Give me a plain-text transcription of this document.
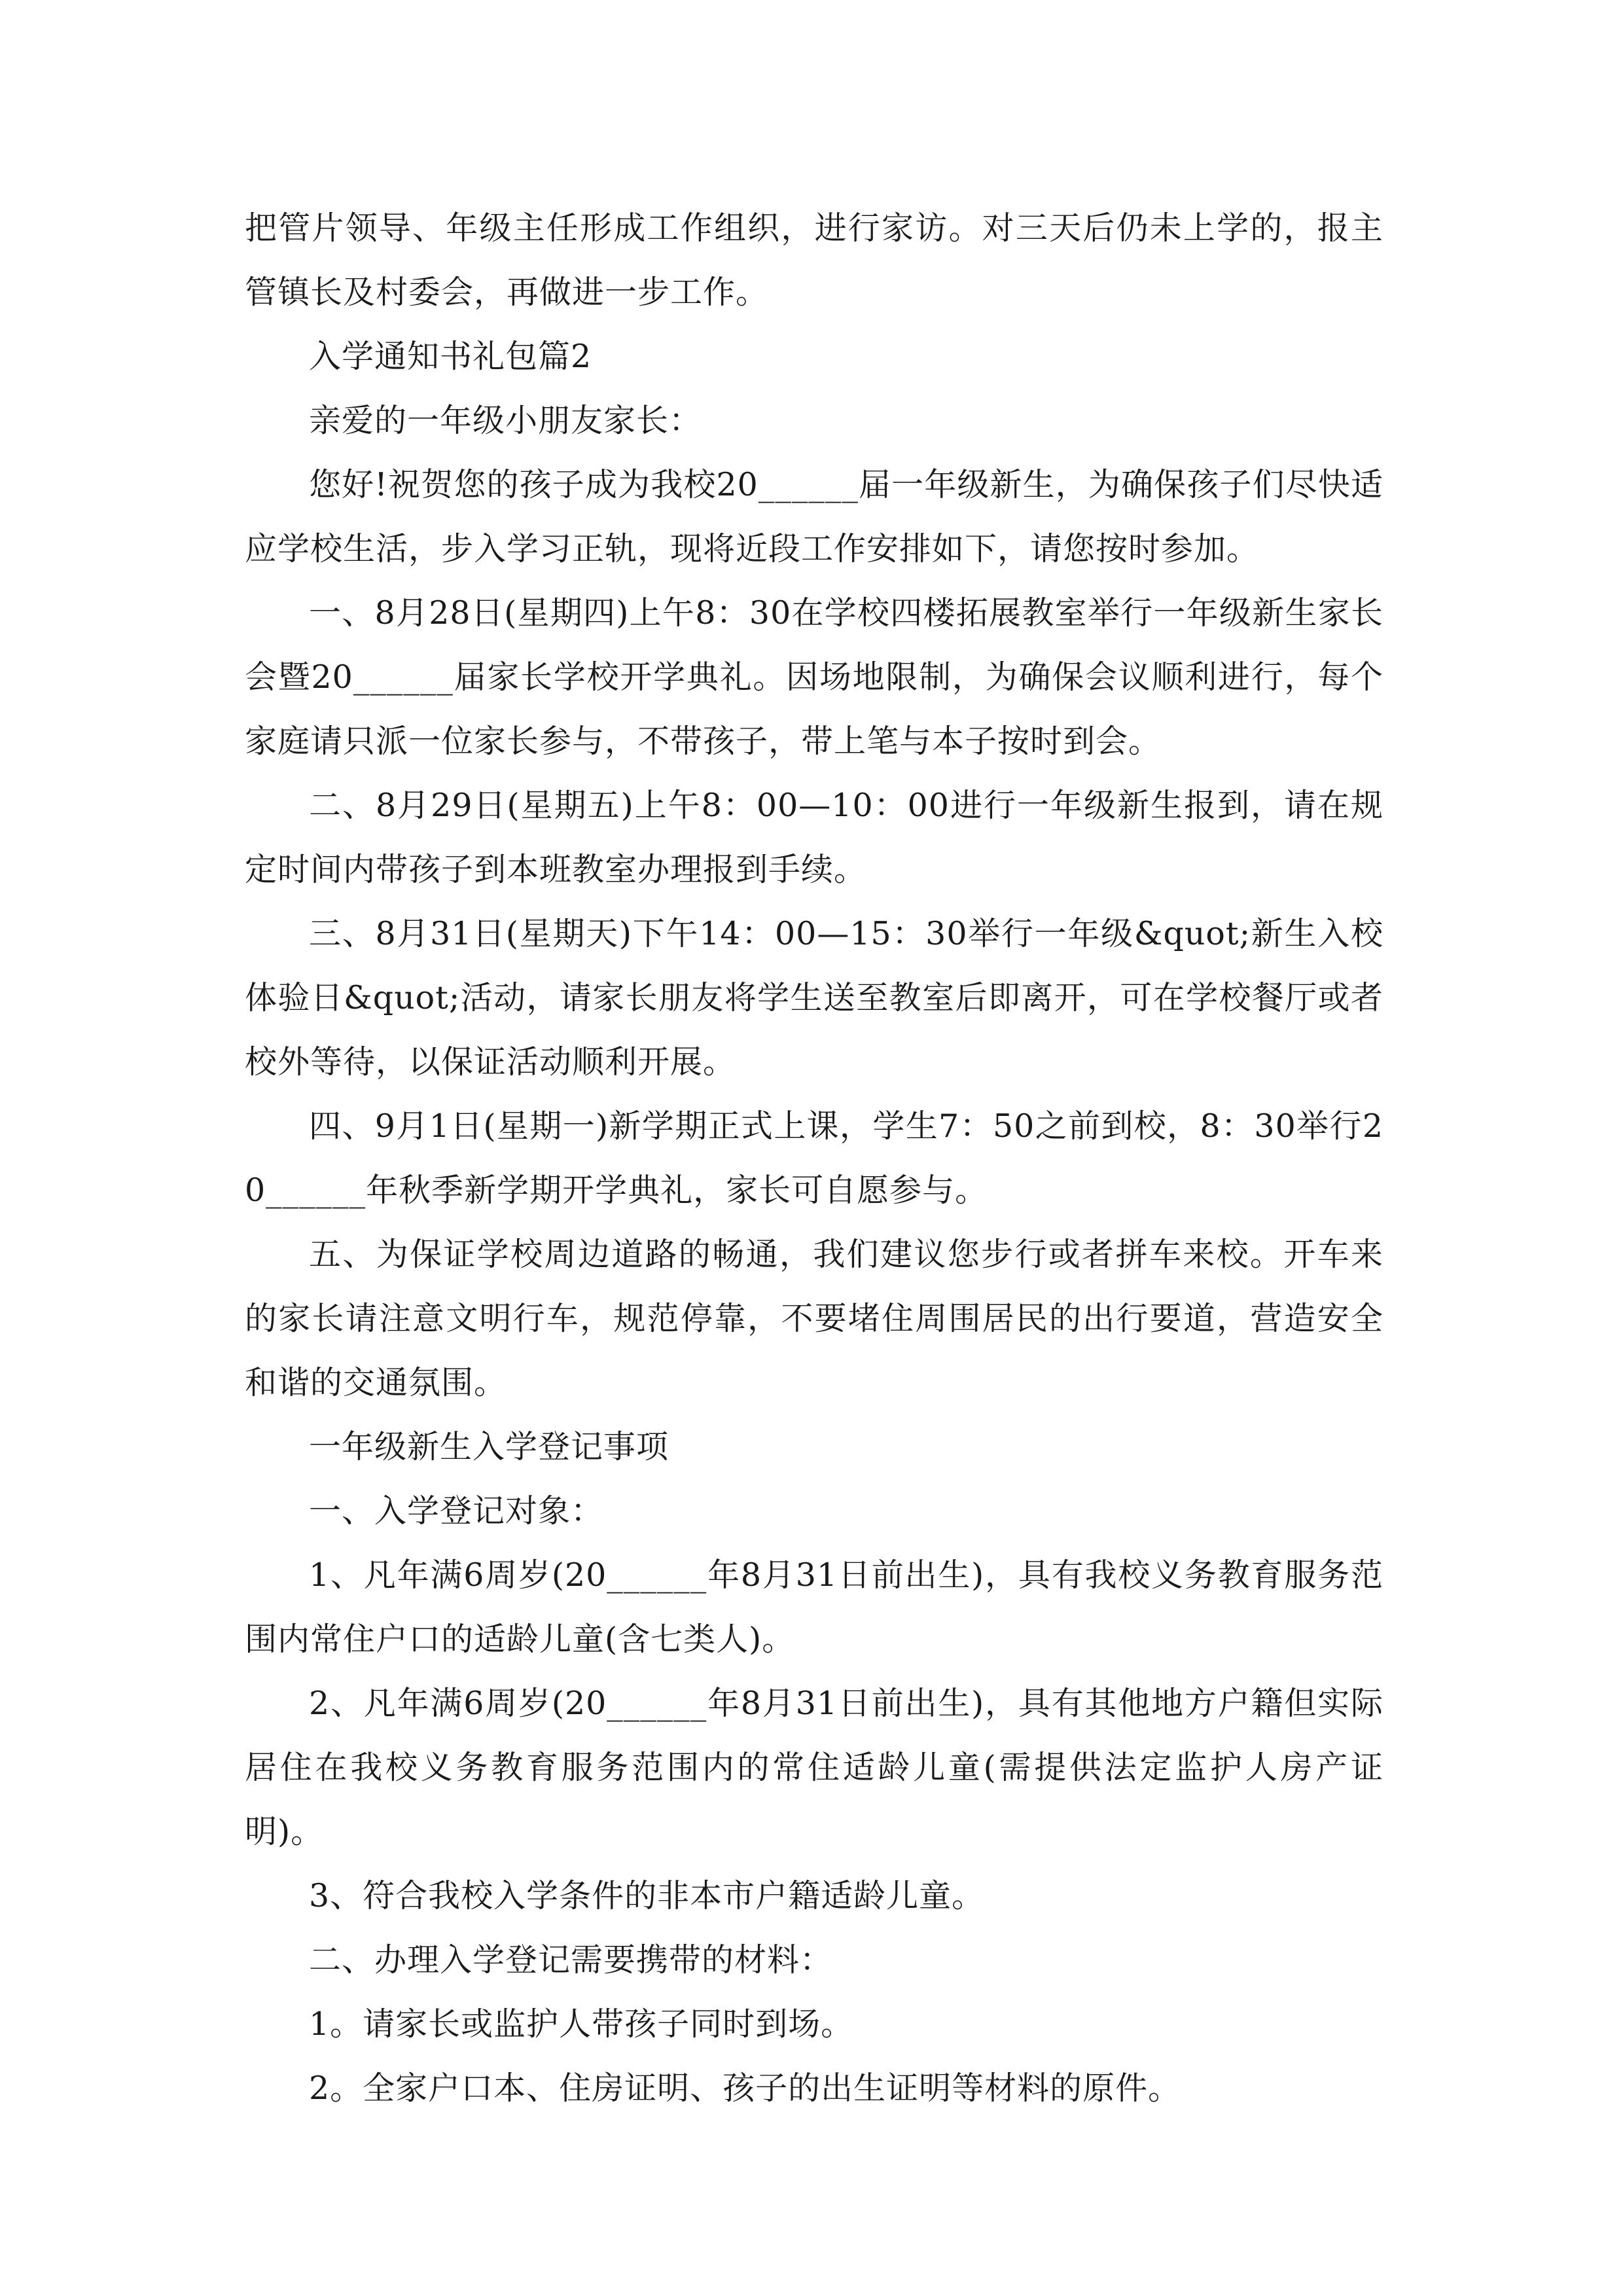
把管片领导、年级主任形成工作组织，进行家访。对三天后仍未上学的，报主管镇长及村委会，再做进一步工作。

入学通知书礼包篇2

亲爱的一年级小朋友家长：

您好!祝贺您的孩子成为我校20______届一年级新生，为确保孩子们尽快适应学校生活，步入学习正轨，现将近段工作安排如下，请您按时参加。

一、8月28日(星期四)上午8：30在学校四楼拓展教室举行一年级新生家长会暨20______届家长学校开学典礼。因场地限制，为确保会议顺利进行，每个家庭请只派一位家长参与，不带孩子，带上笔与本子按时到会。

二、8月29日(星期五)上午8：00—10：00进行一年级新生报到，请在规定时间内带孩子到本班教室办理报到手续。

三、8月31日(星期天)下午14：00—15：30举行一年级&quot;新生入校体验日&quot;活动，请家长朋友将学生送至教室后即离开，可在学校餐厅或者校外等待，以保证活动顺利开展。

四、9月1日(星期一)新学期正式上课，学生7：50之前到校，8：30举行20______年秋季新学期开学典礼，家长可自愿参与。

五、为保证学校周边道路的畅通，我们建议您步行或者拼车来校。开车来的家长请注意文明行车，规范停靠，不要堵住周围居民的出行要道，营造安全和谐的交通氛围。

一年级新生入学登记事项

一、入学登记对象：

1、凡年满6周岁(20______年8月31日前出生)，具有我校义务教育服务范围内常住户口的适龄儿童(含七类人)。

2、凡年满6周岁(20______年8月31日前出生)，具有其他地方户籍但实际居住在我校义务教育服务范围内的常住适龄儿童(需提供法定监护人房产证明)。

3、符合我校入学条件的非本市户籍适龄儿童。

二、办理入学登记需要携带的材料：

1。请家长或监护人带孩子同时到场。

2。全家户口本、住房证明、孩子的出生证明等材料的原件。
